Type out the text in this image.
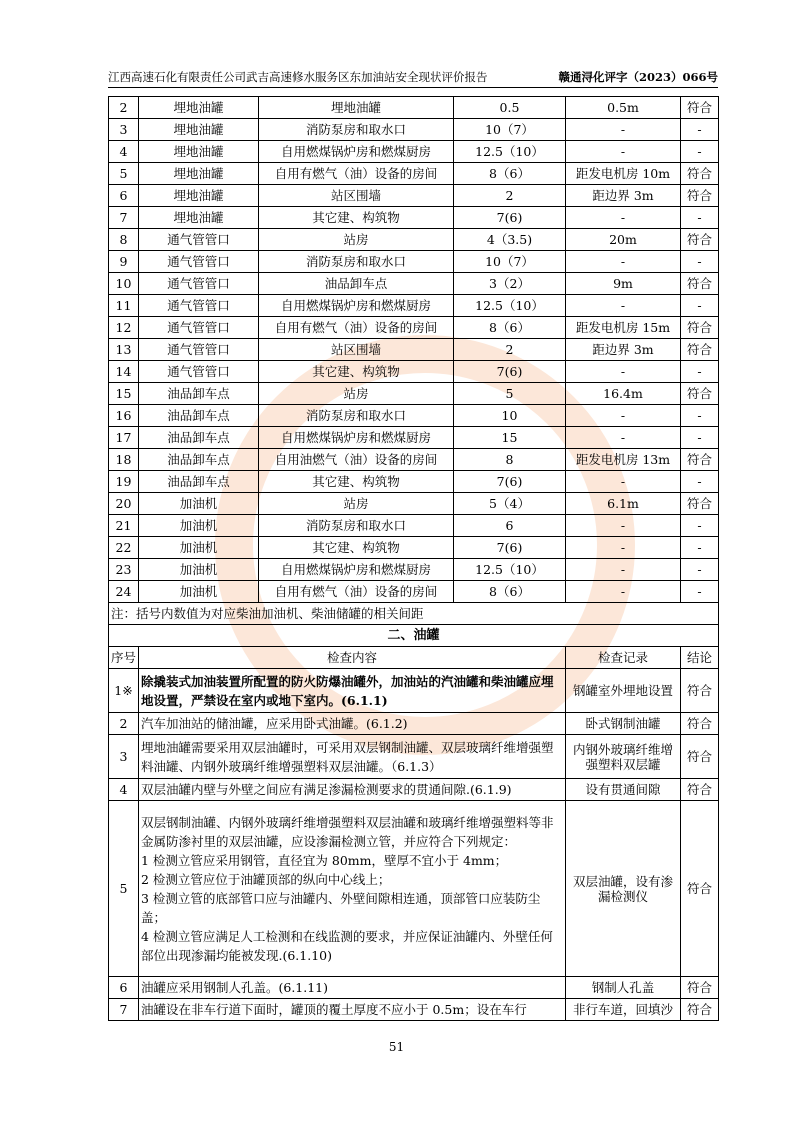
江西高速石化有限责任公司武吉高速修水服务区东加油站安全现状评价报告	赣通浔化评字（2023）066号
2	埋地油罐	埋地油罐	0.5	0.5m	符合
3	埋地油罐	消防泵房和取水口	10（7）	-	-
4	埋地油罐	自用燃煤锅炉房和燃煤厨房	12.5（10）	-	-
5	埋地油罐	自用有燃气（油）设备的房间	8（6）	距发电机房 10m	符合
6	埋地油罐	站区围墙	2	距边界 3m	符合
7	埋地油罐	其它建、构筑物	7(6)	-	-
8	通气管管口	站房	4（3.5)	20m	符合
9	通气管管口	消防泵房和取水口	10（7）	-	-
10	通气管管口	油品卸车点	3（2）	9m	符合
11	通气管管口	自用燃煤锅炉房和燃煤厨房	12.5（10）	-	-
12	通气管管口	自用有燃气（油）设备的房间	8（6）	距发电机房 15m	符合
13	通气管管口	站区围墙	2	距边界 3m	符合
14	通气管管口	其它建、构筑物	7(6)	-	-
15	油品卸车点	站房	5	16.4m	符合
16	油品卸车点	消防泵房和取水口	10	-	-
17	油品卸车点	自用燃煤锅炉房和燃煤厨房	15	-	-
18	油品卸车点	自用油燃气（油）设备的房间	8	距发电机房 13m	符合
19	油品卸车点	其它建、构筑物	7(6)	-	-
20	加油机	站房	5（4）	6.1m	符合
21	加油机	消防泵房和取水口	6	-	-
22	加油机	其它建、构筑物	7(6)	-	-
23	加油机	自用燃煤锅炉房和燃煤厨房	12.5（10）	-	-
24	加油机	自用有燃气（油）设备的房间	8（6）	-	-
注：括号内数值为对应柴油加油机、柴油储罐的相关间距					
二、油罐					
序号	检查内容			检查记录	结论
1※	除撬装式加油装置所配置的防火防爆油罐外，加油站的汽油罐和柴油罐应埋地设置，严禁设在室内或地下室内。(6.1.1)			钢罐室外埋地设置	符合
2	汽车加油站的储油罐，应采用卧式油罐。(6.1.2)			卧式钢制油罐	符合
3	埋地油罐需要采用双层油罐时，可采用双层钢制油罐、双层玻璃纤维增强塑料油罐、内钢外玻璃纤维增强塑料双层油罐。（6.1.3）			内钢外玻璃纤维增强塑料双层罐	符合
4	双层油罐内壁与外壁之间应有满足渗漏检测要求的贯通间隙.(6.1.9)			设有贯通间隙	符合
5	双层钢制油罐、内钢外玻璃纤维增强塑料双层油罐和玻璃纤维增强塑料等非金属防渗衬里的双层油罐，应设渗漏检测立管，并应符合下列规定：
1 检测立管应采用钢管，直径宜为 80mm，壁厚不宜小于 4mm；
2 检测立管应位于油罐顶部的纵向中心线上；
3 检测立管的底部管口应与油罐内、外壁间隙相连通，顶部管口应装防尘盖；
4 检测立管应满足人工检测和在线监测的要求，并应保证油罐内、外壁任何部位出现渗漏均能被发现.(6.1.10)			双层油罐，设有渗漏检测仪	符合
6	油罐应采用钢制人孔盖。(6.1.11)			钢制人孔盖	符合
7	油罐设在非车行道下面时，罐顶的覆土厚度不应小于 0.5m；设在车行			非行车道，回填沙	符合
51
